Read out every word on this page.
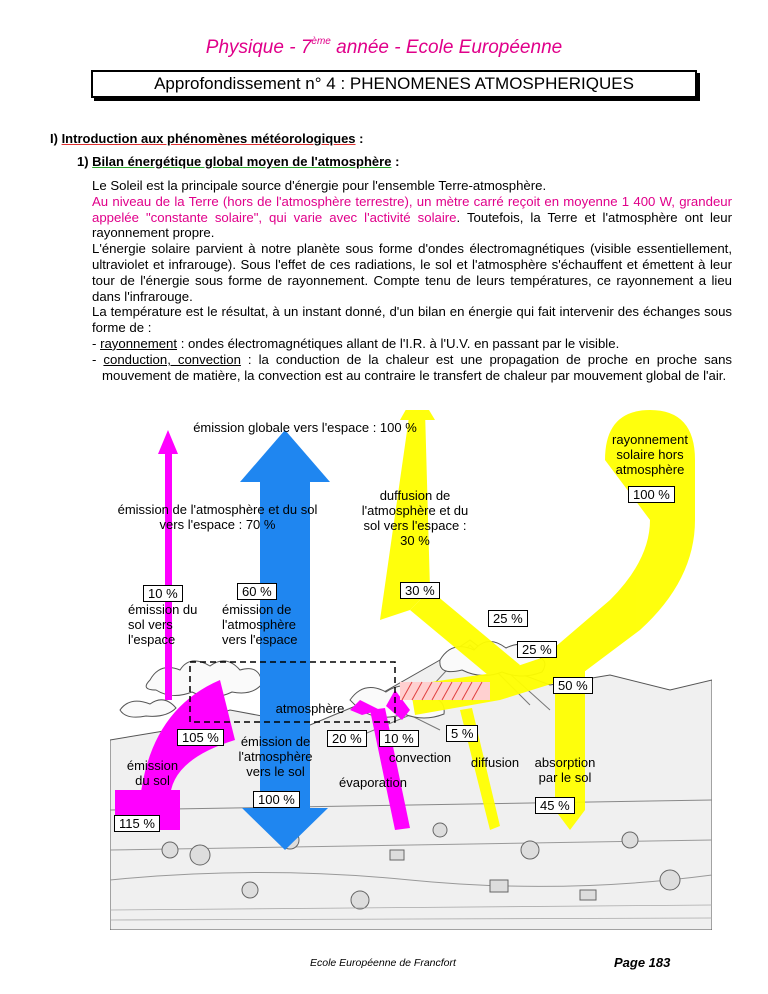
Physique - 7ème année - Ecole Européenne
Approfondissement n° 4 : PHENOMENES ATMOSPHERIQUES
I) Introduction aux phénomènes météorologiques :
1) Bilan énergétique global moyen de l'atmosphère :

Le Soleil est la principale source d'énergie pour l'ensemble Terre-atmosphère.

Au niveau de la Terre (hors de l'atmosphère terrestre), un mètre carré reçoit en moyenne 1 400 W, grandeur appelée "constante solaire", qui varie avec l'activité solaire. Toutefois, la Terre et l'atmosphère ont leur rayonnement propre.

L'énergie solaire parvient à notre planète sous forme d'ondes électromagnétiques (visible essentiellement, ultraviolet et infrarouge). Sous l'effet de ces radiations, le sol et l'atmosphère s'échauffent et émettent à leur tour de l'énergie sous forme de rayonnement. Compte tenu de leurs températures, ce rayonnement a lieu dans l'infrarouge.

La température est le résultat, à un instant donné, d'un bilan en énergie qui fait intervenir des échanges sous forme de :

- rayonnement : ondes électromagnétiques allant de l'I.R. à l'U.V. en passant par le visible.

- conduction, convection : la conduction de la chaleur est une propagation de proche en proche sans mouvement de matière, la convection est au contraire le transfert de chaleur par mouvement global de l'air.

émission globale vers l'espace : 100 %
rayonnement solaire hors atmosphère
100 %
émission de l'atmosphère et du sol vers l'espace : 70 %
duffusion de l'atmosphère et du sol vers l'espace : 30 %
10 %	60 %	30 %
émission du sol vers l'espace
émission de l'atmosphère vers l'espace
25 %
25 %
50 %
atmosphère
105 %	émission de l'atmosphère vers le sol
20 %	10 %	5 %
convection	diffusion	absorption par le sol
émission du sol	évaporation
100 %	45 %
115 %
Ecole Européenne de Francfort	Page 183
